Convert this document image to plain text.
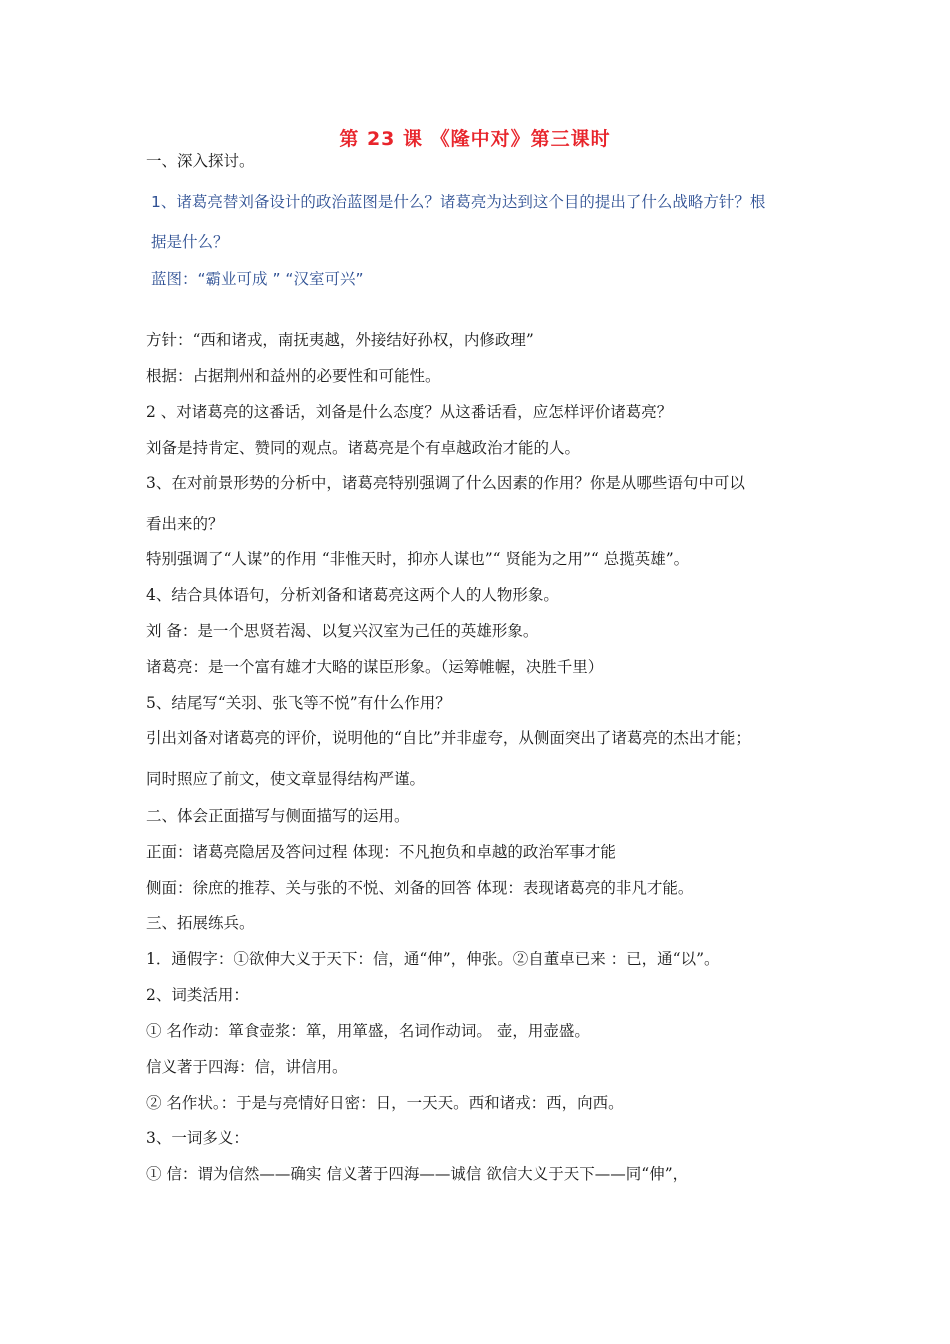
第 23 课 《隆中对》第三课时
一、深入探讨。
1、诸葛亮替刘备设计的政治蓝图是什么？诸葛亮为达到这个目的提出了什么战略方针？根
据是什么？
蓝图：“霸业可成 ” “汉室可兴”
方针：“西和诸戎，南抚夷越，外接结好孙权，内修政理”
根据：占据荆州和益州的必要性和可能性。
2 、对诸葛亮的这番话，刘备是什么态度？从这番话看，应怎样评价诸葛亮？
刘备是持肯定、赞同的观点。诸葛亮是个有卓越政治才能的人。
3、在对前景形势的分析中，诸葛亮特别强调了什么因素的作用？你是从哪些语句中可以
看出来的？
特别强调了“人谋”的作用 “非惟天时，抑亦人谋也”“ 贤能为之用”“ 总揽英雄”。
4、结合具体语句，分析刘备和诸葛亮这两个人的人物形象。
刘 备：是一个思贤若渴、以复兴汉室为己任的英雄形象。
诸葛亮：是一个富有雄才大略的谋臣形象。（运筹帷幄，决胜千里）
5、结尾写“关羽、张飞等不悦”有什么作用？
引出刘备对诸葛亮的评价，说明他的“自比”并非虚夸，从侧面突出了诸葛亮的杰出才能；
同时照应了前文，使文章显得结构严谨。
二、体会正面描写与侧面描写的运用。
正面：诸葛亮隐居及答问过程 体现：不凡抱负和卓越的政治军事才能
侧面：徐庶的推荐、关与张的不悦、刘备的回答 体现：表现诸葛亮的非凡才能。
三、拓展练兵。
1．通假字：①欲伸大义于天下：信，通“伸”，伸张。②自董卓已来 ：已，通“以”。
2、词类活用：
① 名作动：箪食壶浆：箪，用箪盛，名词作动词。 壶，用壶盛。
信义著于四海：信，讲信用。
② 名作状。：于是与亮情好日密：日，一天天。西和诸戎：西，向西。
3、一词多义：
① 信：谓为信然——确实 信义著于四海——诚信 欲信大义于天下——同“伸”，
